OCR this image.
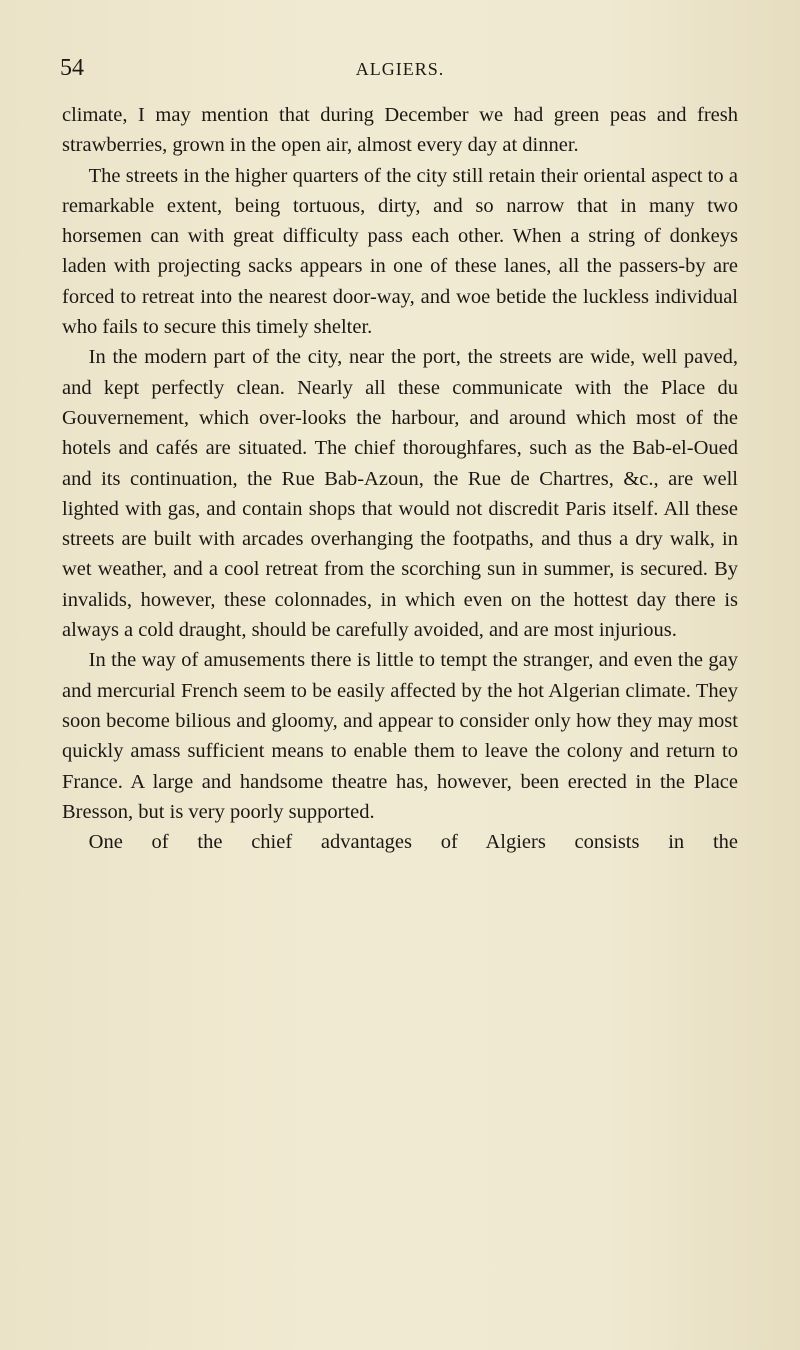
54	ALGIERS.

climate, I may mention that during December we had green peas and fresh strawberries, grown in the open air, almost every day at dinner.

The streets in the higher quarters of the city still retain their oriental aspect to a remarkable extent, being tortuous, dirty, and so narrow that in many two horsemen can with great difficulty pass each other. When a string of donkeys laden with projecting sacks appears in one of these lanes, all the passers-by are forced to retreat into the nearest door-way, and woe betide the luckless individual who fails to secure this timely shelter.

In the modern part of the city, near the port, the streets are wide, well paved, and kept perfectly clean. Nearly all these communicate with the Place du Gouvernement, which over-looks the harbour, and around which most of the hotels and cafés are situated. The chief thoroughfares, such as the Bab-el-Oued and its continuation, the Rue Bab-Azoun, the Rue de Chartres, &c., are well lighted with gas, and contain shops that would not discredit Paris itself. All these streets are built with arcades overhanging the footpaths, and thus a dry walk, in wet weather, and a cool retreat from the scorching sun in summer, is secured. By invalids, however, these colonnades, in which even on the hottest day there is always a cold draught, should be carefully avoided, and are most injurious.

In the way of amusements there is little to tempt the stranger, and even the gay and mercurial French seem to be easily affected by the hot Algerian climate. They soon become bilious and gloomy, and appear to consider only how they may most quickly amass sufficient means to enable them to leave the colony and return to France. A large and handsome theatre has, however, been erected in the Place Bresson, but is very poorly supported.

One of the chief advantages of Algiers consists in the
